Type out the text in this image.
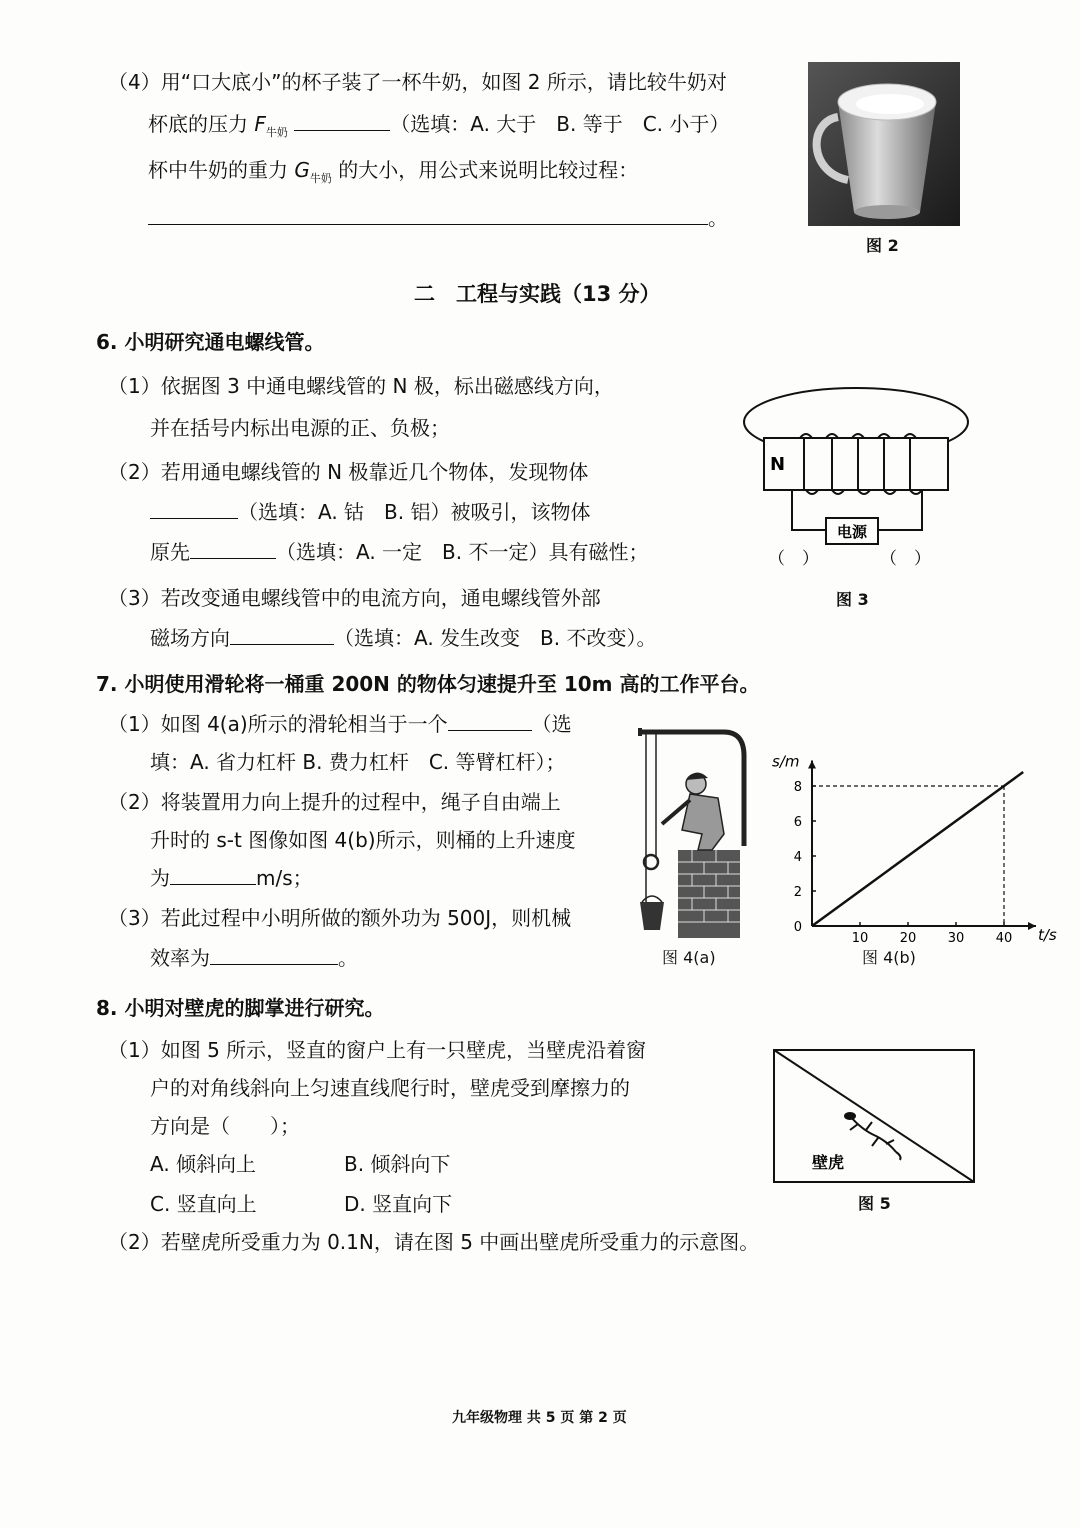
（4）用“口大底小”的杯子装了一杯牛奶，如图 2 所示，请比较牛奶对
杯底的压力 $F_{牛奶}$	（选填：A. 大于　B. 等于　C. 小于）
杯中牛奶的重力 $G_{牛奶}$ 的大小，用公式来说明比较过程：
。
图 2
二　工程与实践（13 分）
6. 小明研究通电螺线管。
（1）依据图 3 中通电螺线管的 N 极，标出磁感线方向，
并在括号内标出电源的正、负极；
（2）若用通电螺线管的 N 极靠近几个物体，发现物体
（选填：A. 钴　B. 铝）被吸引，该物体
原先	（选填：A. 一定　B. 不一定）具有磁性；
（3）若改变通电螺线管中的电流方向，通电螺线管外部
磁场方向	（选填：A. 发生改变　B. 不改变）。
N
电源
（　）	（　）
图 3
7. 小明使用滑轮将一桶重 200N 的物体匀速提升至 10m 高的工作平台。
（1）如图 4(a)所示的滑轮相当于一个	（选
填：A. 省力杠杆 B. 费力杠杆　C. 等臂杠杆）；
（2）将装置用力向上提升的过程中，绳子自由端上
升时的 s-t 图像如图 4(b)所示，则桶的上升速度
为	m/s；
（3）若此过程中小明所做的额外功为 500J，则机械
效率为	。	图 4(a)
s/m
t/s
10 20 30 40
0
2
4
6
8
图 4(b)
8. 小明对壁虎的脚掌进行研究。
（1）如图 5 所示，竖直的窗户上有一只壁虎，当壁虎沿着窗
户的对角线斜向上匀速直线爬行时，壁虎受到摩擦力的
方向是（　　）；
A. 倾斜向上	B. 倾斜向下
C. 竖直向上	D. 竖直向下
（2）若壁虎所受重力为 0.1N，请在图 5 中画出壁虎所受重力的示意图。
壁虎
图 5
九年级物理 共 5 页 第 2 页
